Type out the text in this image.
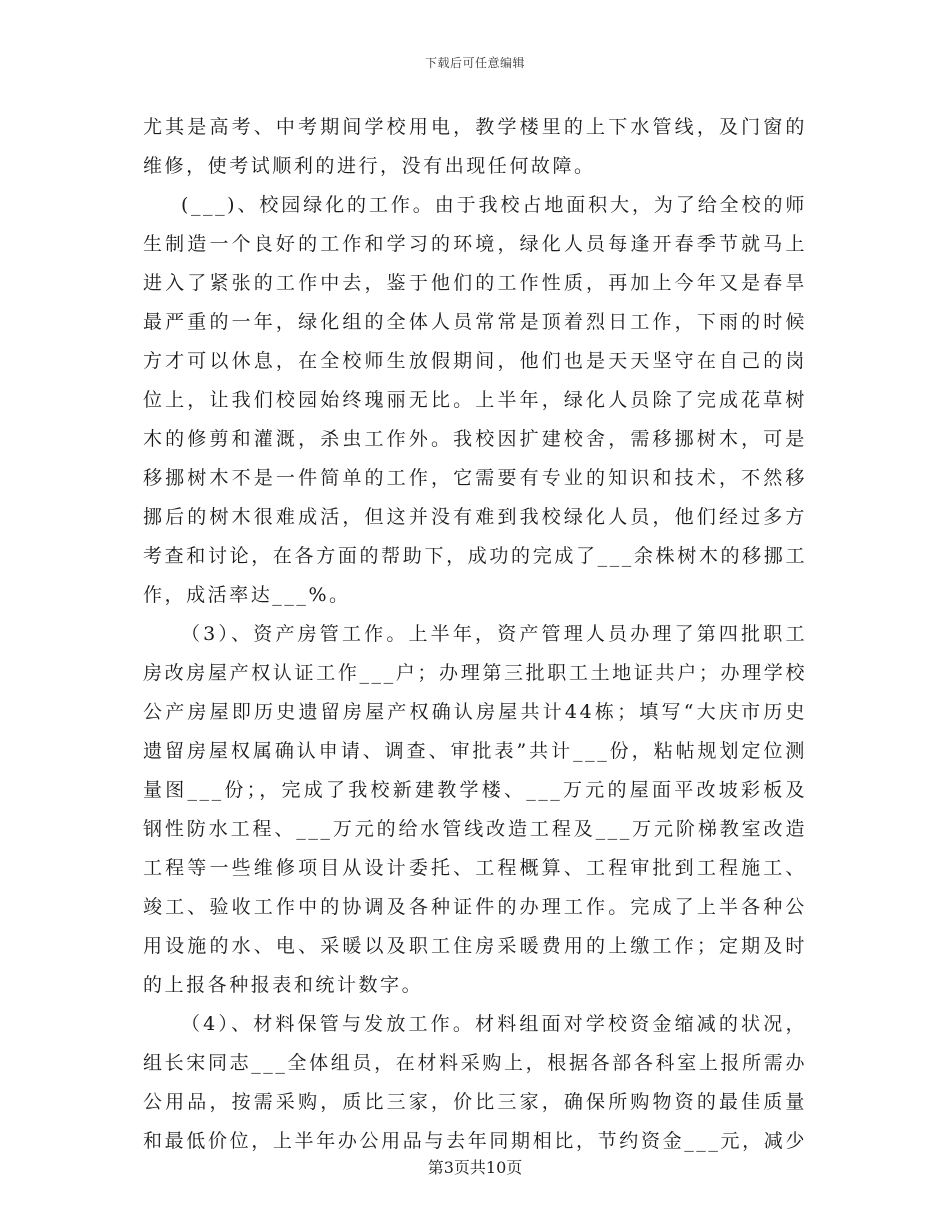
下载后可任意编辑
尤其是高考、中考期间学校用电，教学楼里的上下水管线，及门窗的
维修，使考试顺利的进行，没有出现任何故障。
(___)、校园绿化的工作。由于我校占地面积大，为了给全校的师
生制造一个良好的工作和学习的环境，绿化人员每逢开春季节就马上
进入了紧张的工作中去，鉴于他们的工作性质，再加上今年又是春旱
最严重的一年，绿化组的全体人员常常是顶着烈日工作，下雨的时候
方才可以休息，在全校师生放假期间，他们也是天天坚守在自己的岗
位上，让我们校园始终瑰丽无比。上半年，绿化人员除了完成花草树
木的修剪和灌溉，杀虫工作外。我校因扩建校舍，需移挪树木，可是
移挪树木不是一件简单的工作，它需要有专业的知识和技术，不然移
挪后的树木很难成活，但这并没有难到我校绿化人员，他们经过多方
考查和讨论，在各方面的帮助下，成功的完成了___余株树木的移挪工
作，成活率达___%。
（3）、资产房管工作。上半年，资产管理人员办理了第四批职工
房改房屋产权认证工作___户；办理第三批职工土地证共户；办理学校
公产房屋即历史遗留房屋产权确认房屋共计44栋；填写“大庆市历史
遗留房屋权属确认申请、调查、审批表”共计___份，粘帖规划定位测
量图___份；，完成了我校新建教学楼、___万元的屋面平改坡彩板及
钢性防水工程、___万元的给水管线改造工程及___万元阶梯教室改造
工程等一些维修项目从设计委托、工程概算、工程审批到工程施工、
竣工、验收工作中的协调及各种证件的办理工作。完成了上半各种公
用设施的水、电、采暖以及职工住房采暖费用的上缴工作；定期及时
的上报各种报表和统计数字。
（4）、材料保管与发放工作。材料组面对学校资金缩减的状况，
组长宋同志___全体组员，在材料采购上，根据各部各科室上报所需办
公用品，按需采购，质比三家，价比三家，确保所购物资的最佳质量
和最低价位，上半年办公用品与去年同期相比，节约资金___元，减少
第3页共10页
